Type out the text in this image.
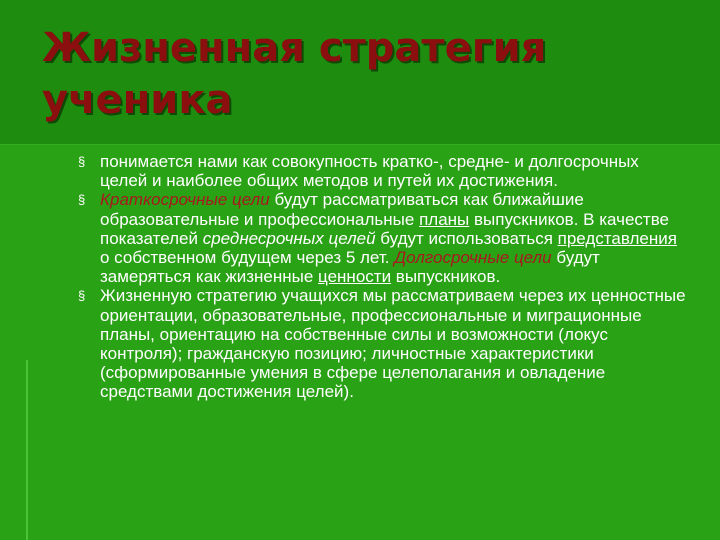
Жизненная стратегия ученика
§ понимается нами как совокупность кратко-, средне- и долгосрочных целей и наиболее общих методов и путей их достижения.
§ Краткосрочные цели будут рассматриваться как ближайшие образовательные и профессиональные планы выпускников. В качестве показателей среднесрочных целей будут использоваться представления о собственном будущем через 5 лет. Долгосрочные цели будут замеряться как жизненные ценности выпускников.
§ Жизненную стратегию учащихся мы рассматриваем через их ценностные ориентации, образовательные, профессиональные и миграционные планы, ориентацию на собственные силы и возможности (локус контроля); гражданскую позицию; личностные характеристики (сформированные умения в сфере целеполагания и овладение средствами достижения целей).
